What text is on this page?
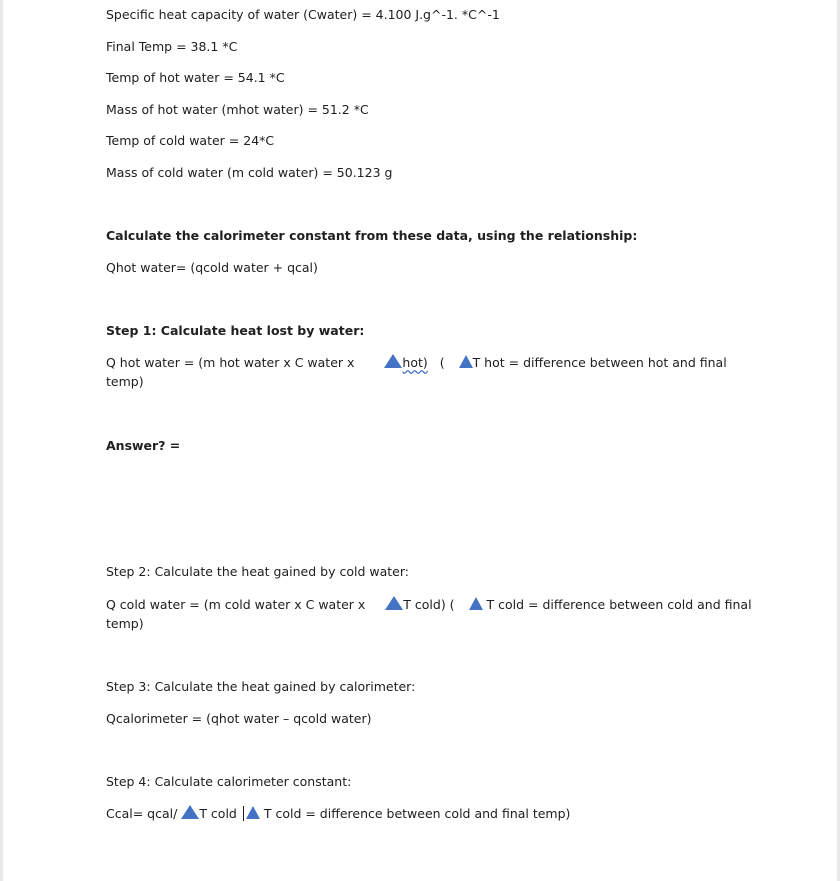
Specific heat capacity of water (Cwater) = 4.100 J.g^-1. *C^-1
Final Temp = 38.1 *C
Temp of hot water = 54.1 *C
Mass of hot water (mhot water) = 51.2 *C
Temp of cold water = 24*C
Mass of cold water (m cold water) = 50.123 g
Calculate the calorimeter constant from these data, using the relationship:
Qhot water= (qcold water + qcal)
Step 1: Calculate heat lost by water:
Q hot water = (m hot water x C water x	hot) ( T hot = difference between hot and final
temp)
Answer? =
Step 2: Calculate the heat gained by cold water:
Q cold water = (m cold water x C water x	T cold) (	T cold = difference between cold and final
temp)
Step 3: Calculate the heat gained by calorimeter:
Qcalorimeter = (qhot water – qcold water)
Step 4: Calculate calorimeter constant:
Ccal= qcal/ T cold T cold = difference between cold and final temp)
